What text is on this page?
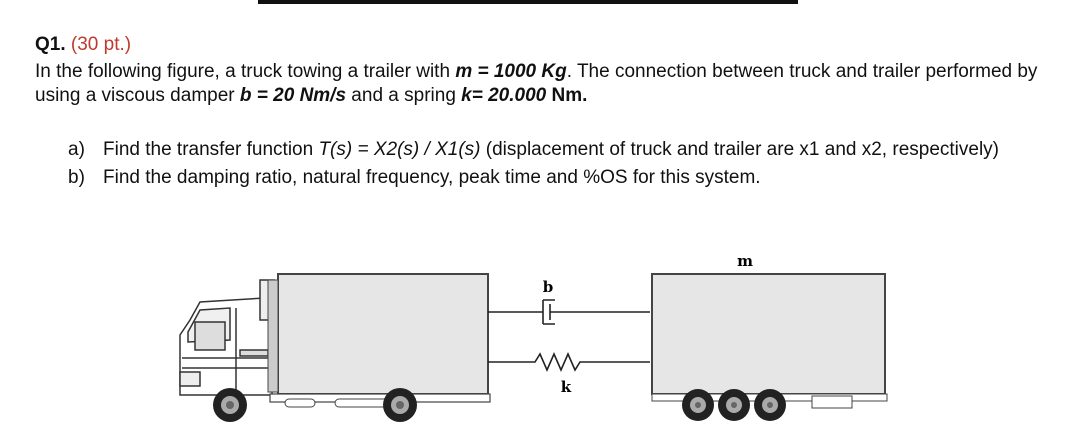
Q1. (30 pt.)
In the following figure, a truck towing a trailer with m = 1000 Kg. The connection between truck and trailer performed by using a viscous damper b = 20 Nm/s and a spring k= 20.000 Nm.
a) Find the transfer function T(s) = X2(s) / X1(s) (displacement of truck and trailer are x1 and x2, respectively)
b) Find the damping ratio, natural frequency, peak time and %OS for this system.
b
k
m
